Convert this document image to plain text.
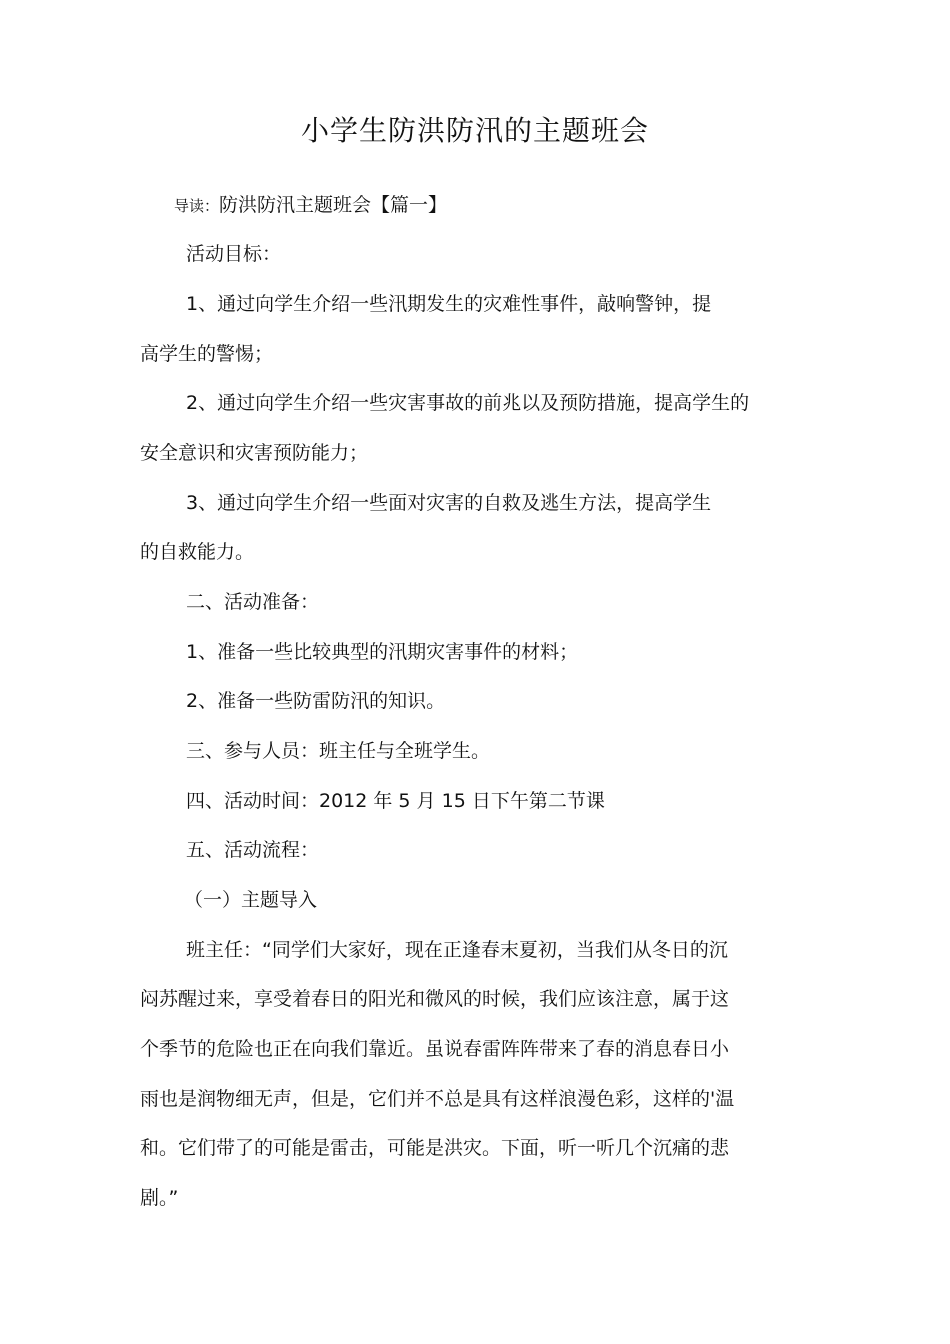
小学生防洪防汛的主题班会
导读：防洪防汛主题班会【篇一】
活动目标：
1、通过向学生介绍一些汛期发生的灾难性事件，敲响警钟，提
高学生的警惕；
2、通过向学生介绍一些灾害事故的前兆以及预防措施，提高学生的
安全意识和灾害预防能力；
3、通过向学生介绍一些面对灾害的自救及逃生方法，提高学生
的自救能力。
二、活动准备：
1、准备一些比较典型的汛期灾害事件的材料；
2、准备一些防雷防汛的知识。
三、参与人员：班主任与全班学生。
四、活动时间：2012 年 5 月 15 日下午第二节课
五、活动流程：
（一）主题导入
班主任：“同学们大家好，现在正逢春末夏初，当我们从冬日的沉
闷苏醒过来，享受着春日的阳光和微风的时候，我们应该注意，属于这
个季节的危险也正在向我们靠近。虽说春雷阵阵带来了春的消息春日小
雨也是润物细无声，但是，它们并不总是具有这样浪漫色彩，这样的'温
和。它们带了的可能是雷击，可能是洪灾。下面，听一听几个沉痛的悲
剧。”
